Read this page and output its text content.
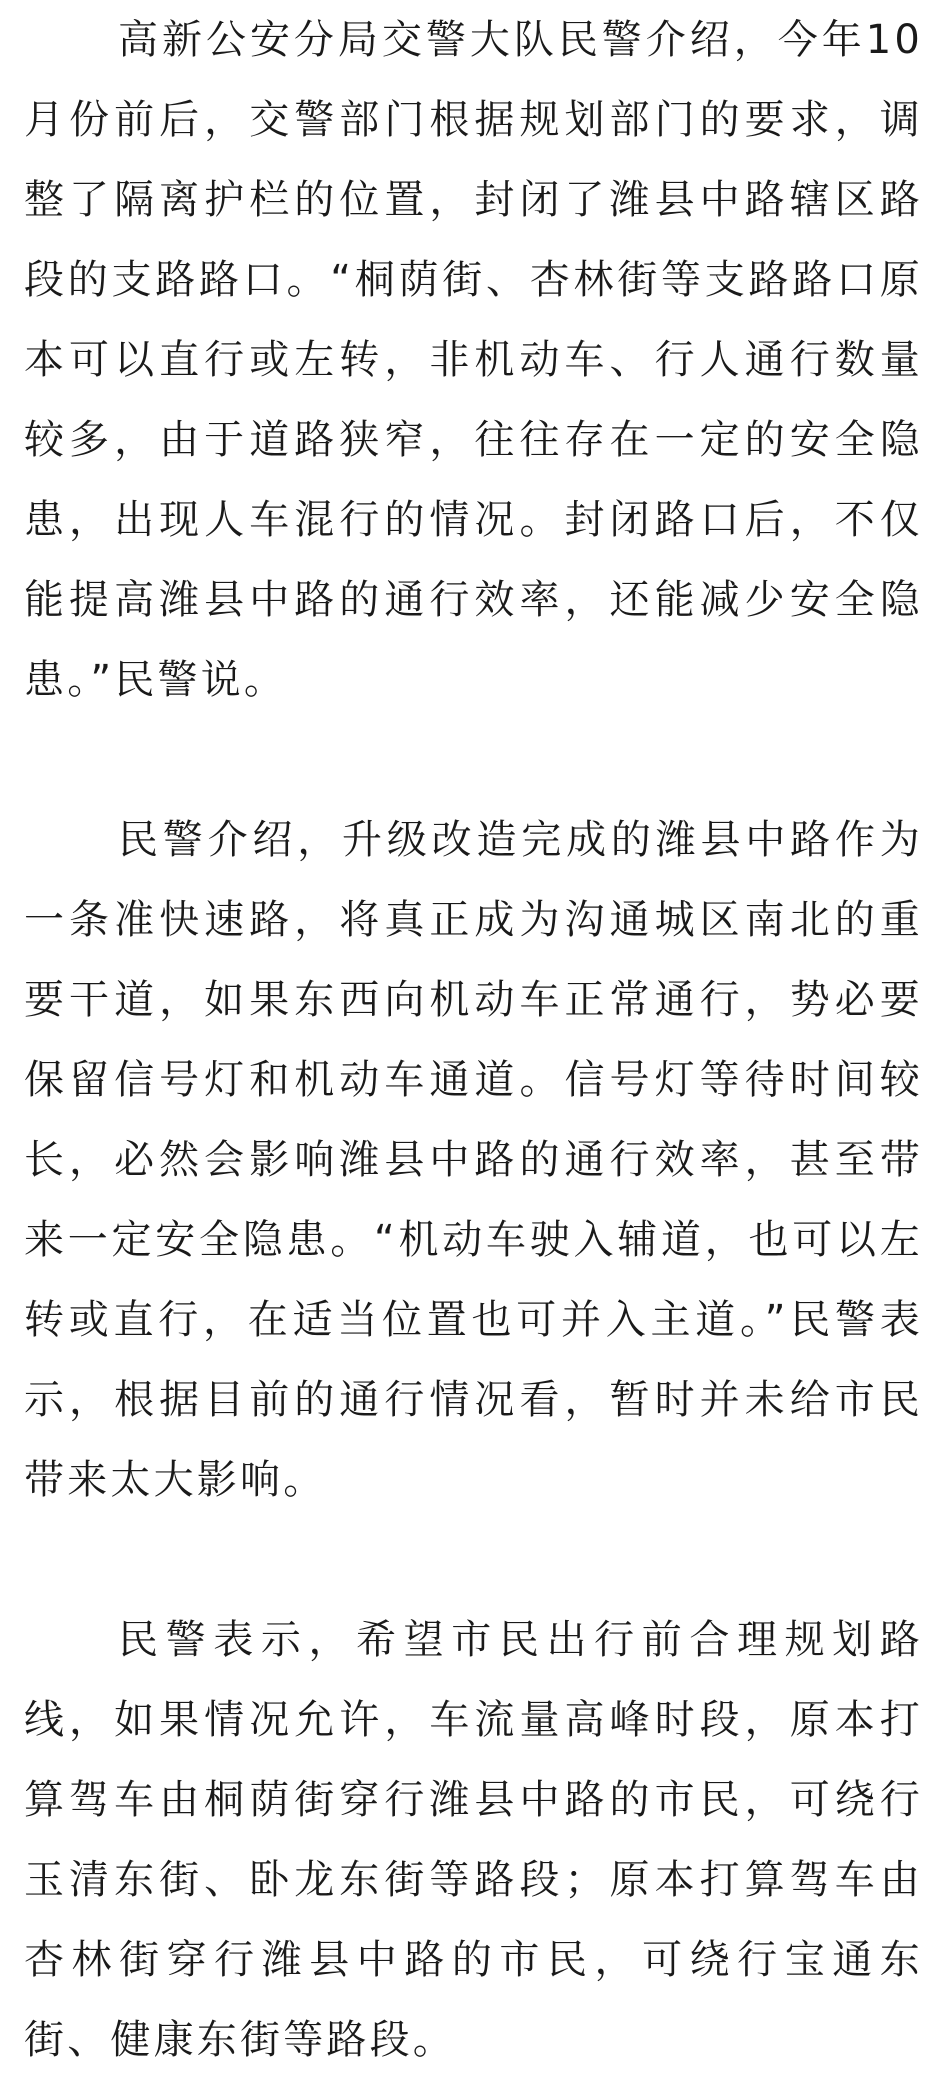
高新公安分局交警大队民警介绍，今年10月份前后，交警部门根据规划部门的要求，调整了隔离护栏的位置，封闭了潍县中路辖区路段的支路路口。“桐荫街、杏林街等支路路口原本可以直行或左转，非机动车、行人通行数量较多，由于道路狭窄，往往存在一定的安全隐患，出现人车混行的情况。封闭路口后，不仅能提高潍县中路的通行效率，还能减少安全隐患。”民警说。

民警介绍，升级改造完成的潍县中路作为一条准快速路，将真正成为沟通城区南北的重要干道，如果东西向机动车正常通行，势必要保留信号灯和机动车通道。信号灯等待时间较长，必然会影响潍县中路的通行效率，甚至带来一定安全隐患。“机动车驶入辅道，也可以左转或直行，在适当位置也可并入主道。”民警表示，根据目前的通行情况看，暂时并未给市民带来太大影响。

民警表示，希望市民出行前合理规划路线，如果情况允许，车流量高峰时段，原本打算驾车由桐荫街穿行潍县中路的市民，可绕行玉清东街、卧龙东街等路段；原本打算驾车由杏林街穿行潍县中路的市民，可绕行宝通东街、健康东街等路段。
